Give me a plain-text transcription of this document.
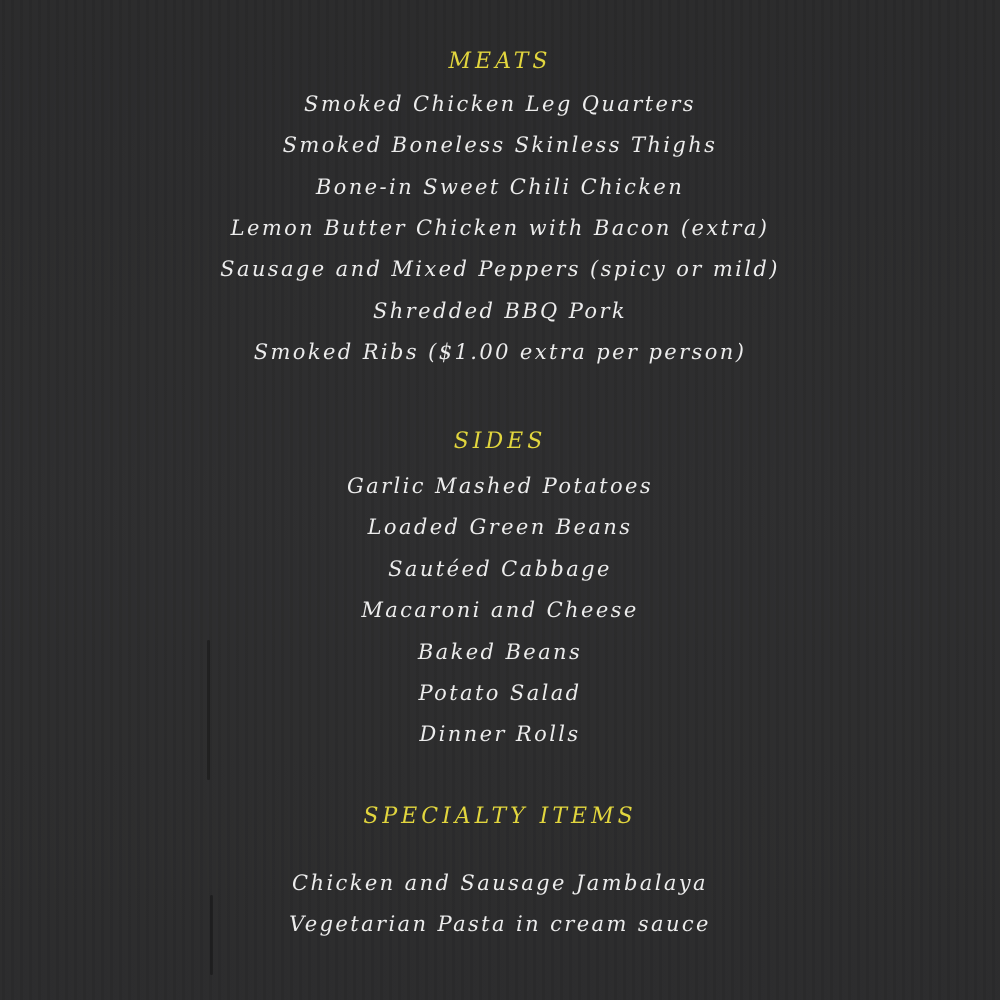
MEATS
Smoked Chicken Leg Quarters
Smoked Boneless Skinless Thighs
Bone-in Sweet Chili Chicken
Lemon Butter Chicken with Bacon (extra)
Sausage and Mixed Peppers (spicy or mild)
Shredded BBQ Pork
Smoked Ribs ($1.00 extra per person)
SIDES
Garlic Mashed Potatoes
Loaded Green Beans
Sautéed Cabbage
Macaroni and Cheese
Baked Beans
Potato Salad
Dinner Rolls
SPECIALTY ITEMS
Chicken and Sausage Jambalaya
Vegetarian Pasta in cream sauce
